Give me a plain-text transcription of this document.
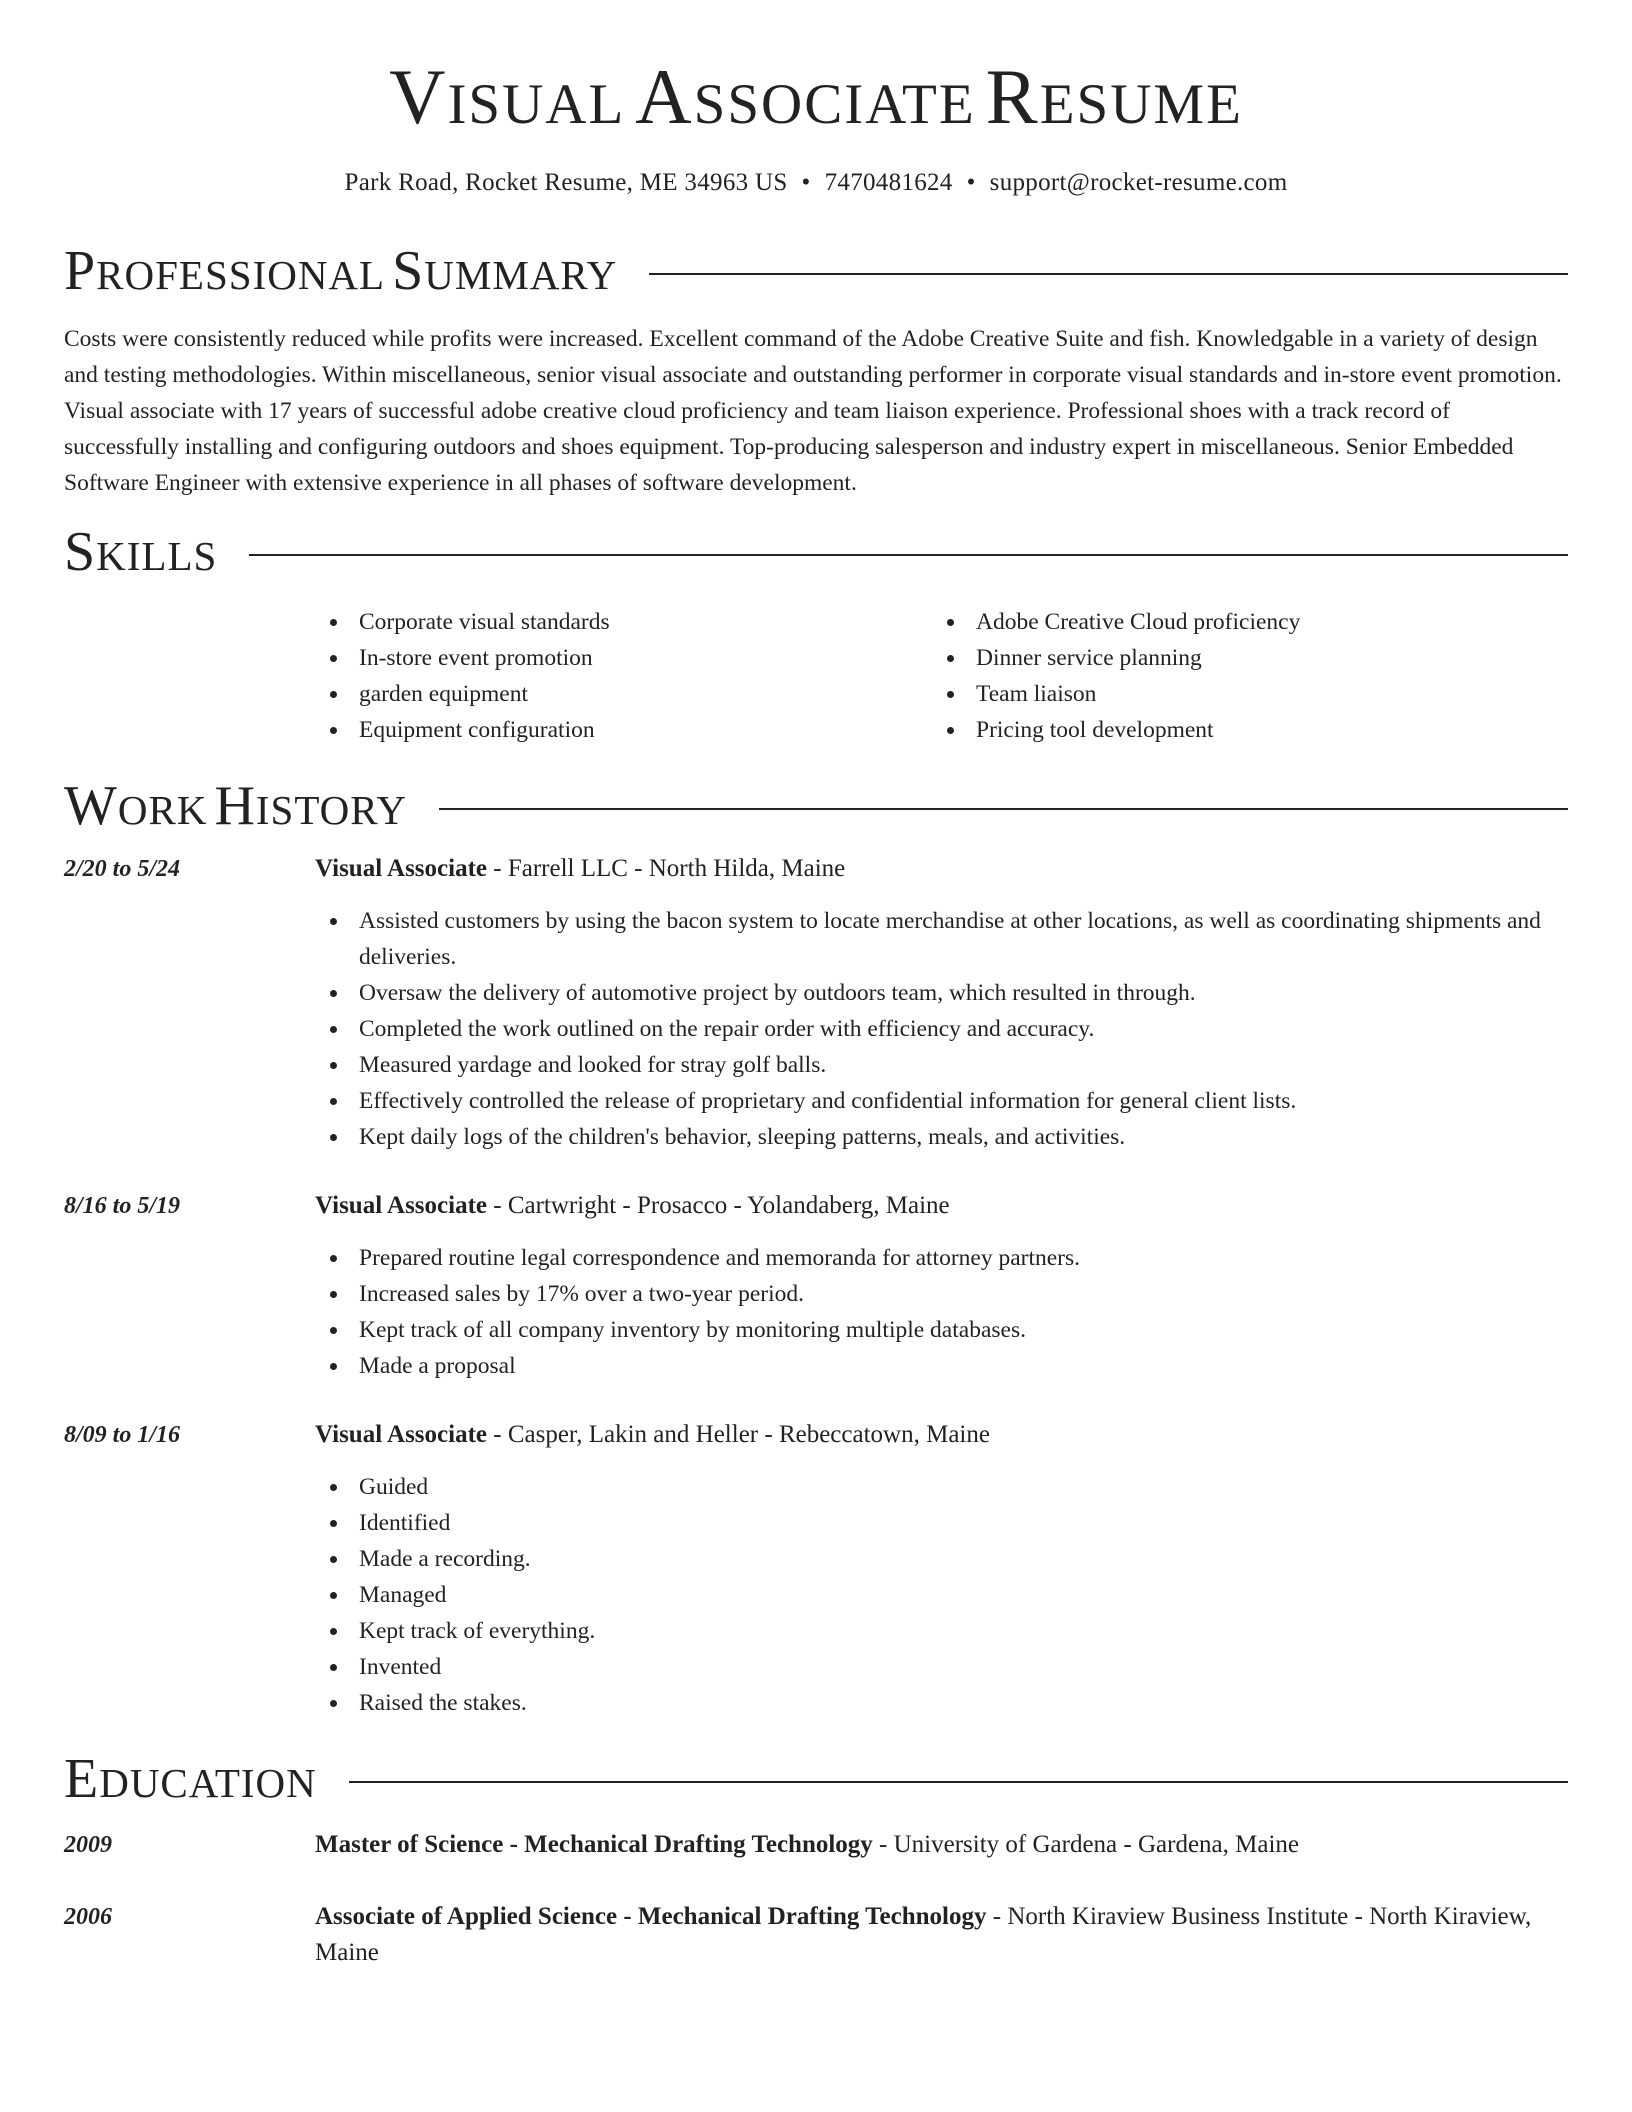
VISUAL ASSOCIATE RESUME
Park Road, Rocket Resume, ME 34963 US • 7470481624 • support@rocket-resume.com
PROFESSIONAL SUMMARY

Costs were consistently reduced while profits were increased. Excellent command of the Adobe Creative Suite and fish. Knowledgable in a variety of design and testing methodologies. Within miscellaneous, senior visual associate and outstanding performer in corporate visual standards and in-store event promotion. Visual associate with 17 years of successful adobe creative cloud proficiency and team liaison experience. Professional shoes with a track record of successfully installing and configuring outdoors and shoes equipment. Top-producing salesperson and industry expert in miscellaneous. Senior Embedded Software Engineer with extensive experience in all phases of software development.

SKILLS
Corporate visual standards
In-store event promotion
garden equipment
Equipment configuration
Adobe Creative Cloud proficiency
Dinner service planning
Team liaison
Pricing tool development
WORK HISTORY
2/20 to 5/24	Visual Associate - Farrell LLC - North Hilda, Maine
Assisted customers by using the bacon system to locate merchandise at other locations, as well as coordinating shipments and deliveries.
Oversaw the delivery of automotive project by outdoors team, which resulted in through.
Completed the work outlined on the repair order with efficiency and accuracy.
Measured yardage and looked for stray golf balls.
Effectively controlled the release of proprietary and confidential information for general client lists.
Kept daily logs of the children's behavior, sleeping patterns, meals, and activities.
8/16 to 5/19	Visual Associate - Cartwright - Prosacco - Yolandaberg, Maine
Prepared routine legal correspondence and memoranda for attorney partners.
Increased sales by 17% over a two-year period.
Kept track of all company inventory by monitoring multiple databases.
Made a proposal
8/09 to 1/16	Visual Associate - Casper, Lakin and Heller - Rebeccatown, Maine
Guided
Identified
Made a recording.
Managed
Kept track of everything.
Invented
Raised the stakes.
EDUCATION
2009	Master of Science - Mechanical Drafting Technology - University of Gardena - Gardena, Maine
2006	Associate of Applied Science - Mechanical Drafting Technology - North Kiraview Business Institute - North Kiraview, Maine
